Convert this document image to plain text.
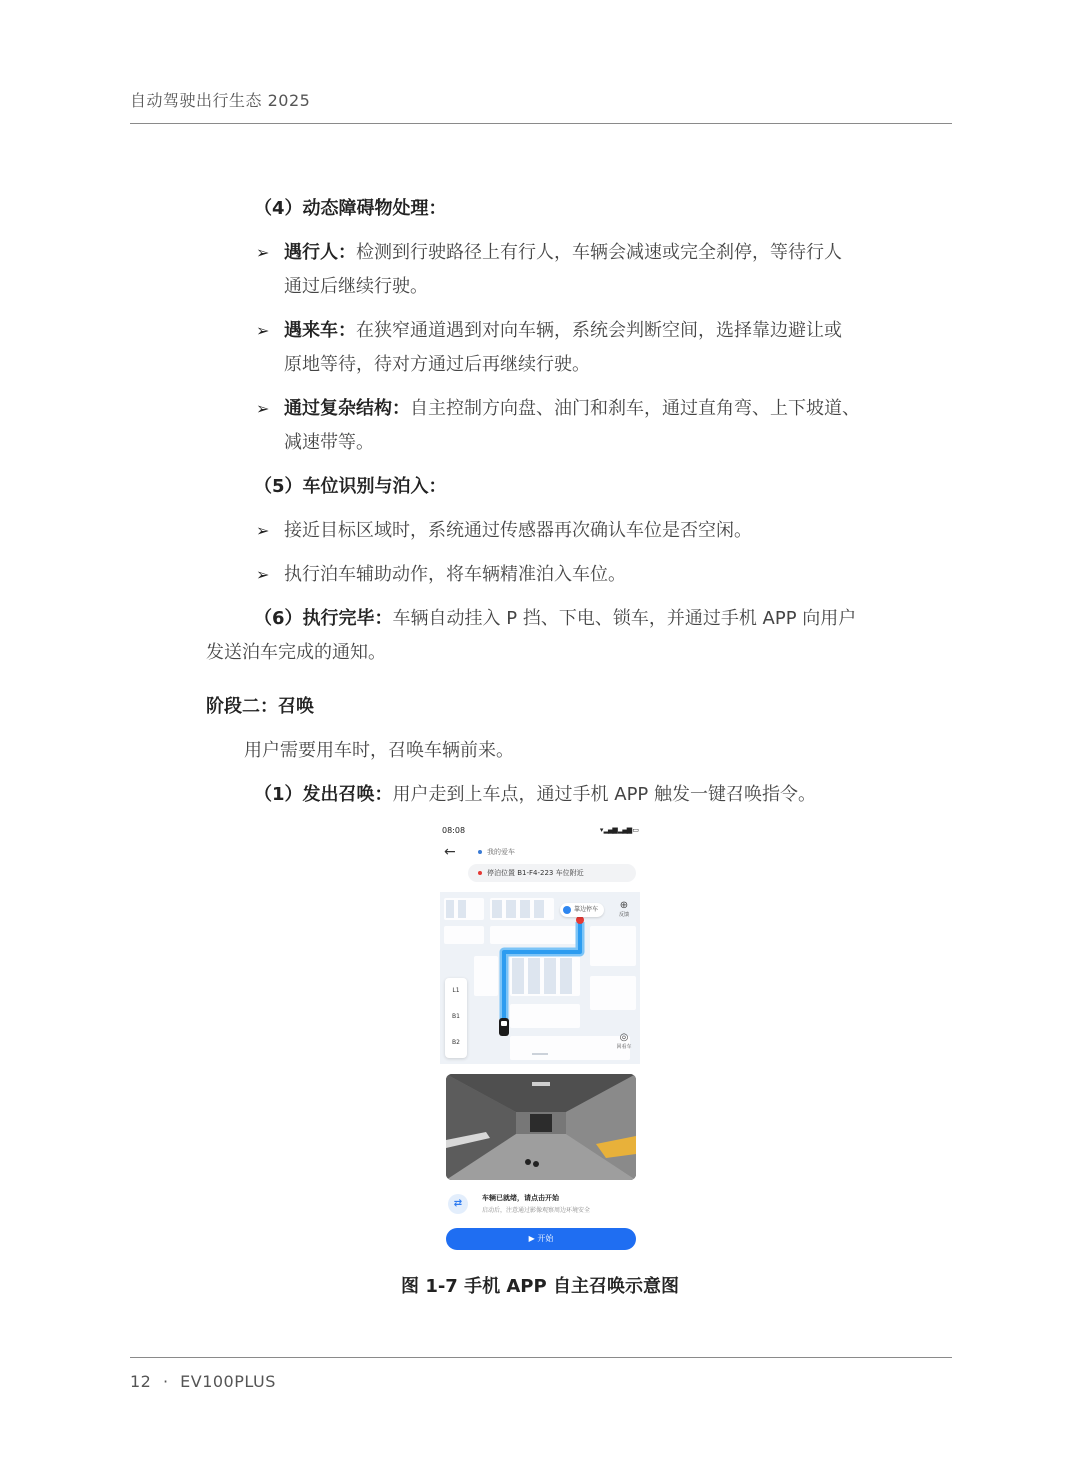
自动驾驶出行生态 2025
（4）动态障碍物处理：
➢ 遇行人：检测到行驶路径上有行人，车辆会减速或完全刹停，等待行人
通过后继续行驶。
➢ 遇来车：在狭窄通道遇到对向车辆，系统会判断空间，选择靠边避让或
原地等待，待对方通过后再继续行驶。
➢ 通过复杂结构：自主控制方向盘、油门和刹车，通过直角弯、上下坡道、
减速带等。
（5）车位识别与泊入：
➢ 接近目标区域时，系统通过传感器再次确认车位是否空闲。
➢ 执行泊车辅助动作，将车辆精准泊入车位。
（6）执行完毕：车辆自动挂入 P 挡、下电、锁车，并通过手机 APP 向用户
发送泊车完成的通知。
阶段二：召唤
用户需要用车时，召唤车辆前来。
（1）发出召唤：用户走到上车点，通过手机 APP 触发一键召唤指令。
08:08	▾ ▂▄▆ ▂▄▆ ▭
←	我的爱车
停泊位置 B1-F4-223 车位附近
靠边停车	⊕
反馈
L1
B1
B2	◎
回看车
⇄	车辆已就绪，请点击开始
启动后，注意通过影像观察周边环境安全
▶ 开始
图 1-7 手机 APP 自主召唤示意图
12 · EV100PLUS
